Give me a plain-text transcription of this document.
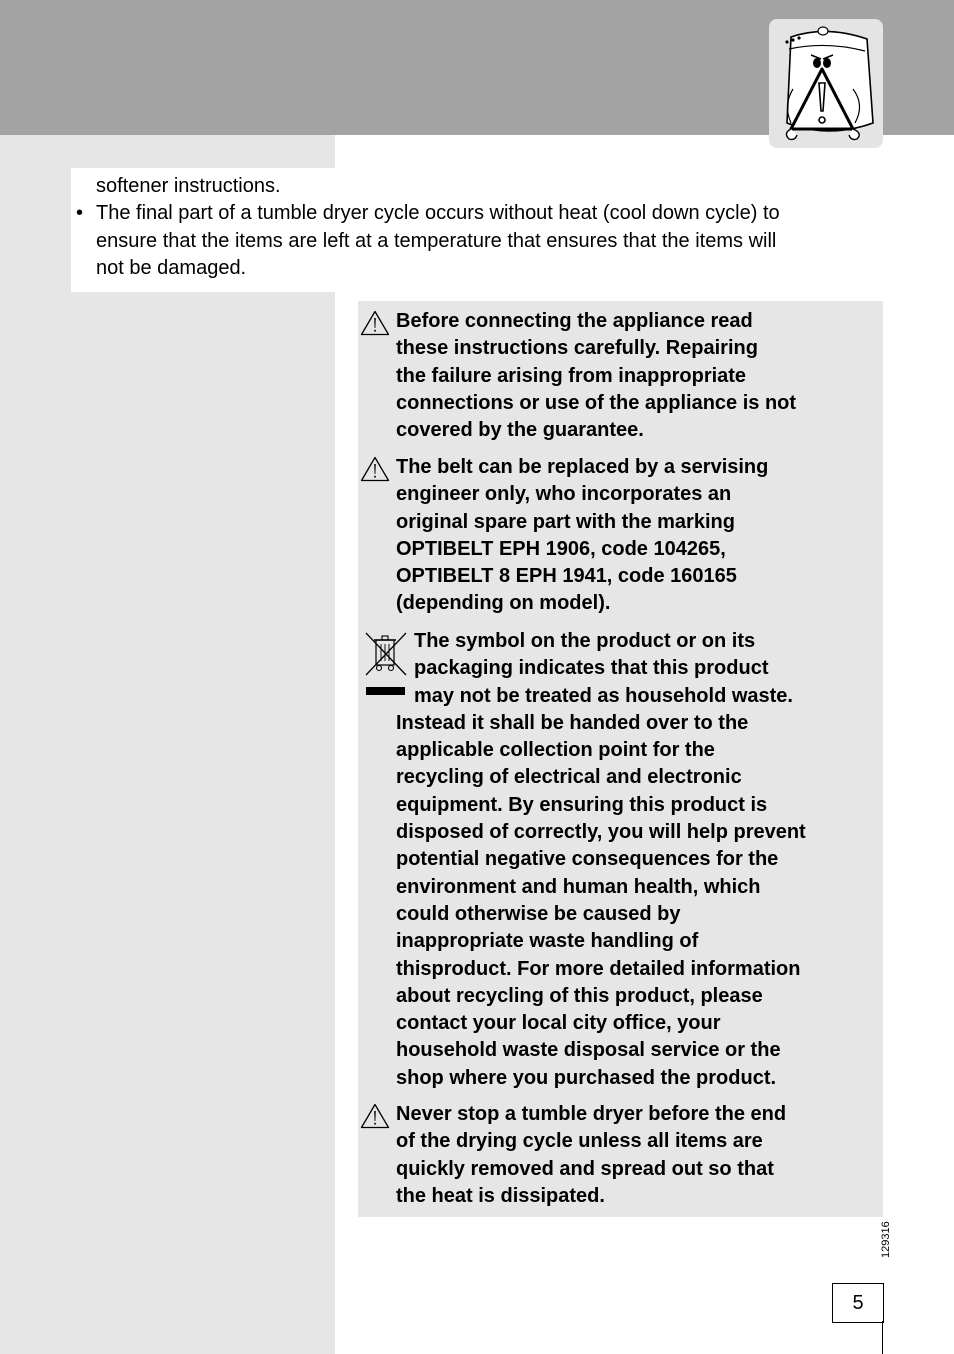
softener instructions.
• The final part of a tumble dryer cycle occurs without heat (cool down cycle) to
ensure that the items are left at a temperature that ensures that the items will
not be damaged.
Before connecting the appliance read
these instructions carefully. Repairing
the failure arising from inappropriate
connections or use of the appliance is not
covered by the guarantee.
The belt can be replaced by a servising
engineer only, who incorporates an
original spare part with the marking
OPTIBELT EPH 1906, code 104265,
OPTIBELT 8 EPH 1941, code 160165
(depending on model).
The symbol on the product or on its
packaging indicates that this product
may not be treated as household waste.
Instead it shall be handed over to the
applicable collection point for the
recycling of electrical and electronic
equipment. By ensuring this product is
disposed of correctly, you will help prevent
potential negative consequences for the
environment and human health, which
could otherwise be caused by
inappropriate waste handling of
thisproduct. For more detailed information
about recycling of this product, please
contact your local city office, your
household waste disposal service or the
shop where you purchased the product.
Never stop a tumble dryer before the end
of the drying cycle unless all items are
quickly removed and spread out so that
the heat is dissipated.
129316
5
